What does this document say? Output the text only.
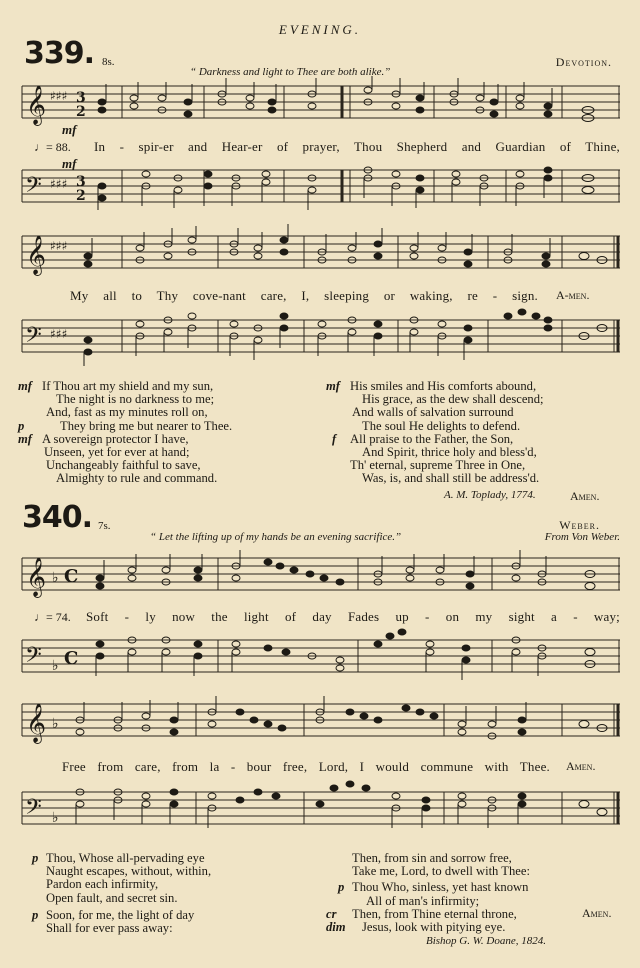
EVENING.
339. 8s.	Devotion.
“ Darkness and light to Thee are both alike.”
𝄞 ♯♯♯ 3
2
mf
♩= 88. In - spir-er and Hear-er of prayer, Thou Shepherd and Guardian of Thine,
mf
𝄢 ♯♯♯ 3
2
𝄞 ♯♯♯
My all to Thy cove-nant care, I, sleeping or waking, re - sign. A-men.
𝄢 ♯♯♯
mf If Thou art my shield and my sun,
The night is no darkness to me;
And, fast as my minutes roll on,
p	They bring me but nearer to Thee.
mf A sovereign protector I have,
Unseen, yet for ever at hand;
Unchangeably faithful to save,
Almighty to rule and command.
mf His smiles and His comforts abound,
His grace, as the dew shall descend;
And walls of salvation surround
The soul He delights to defend.
f All praise to the Father, the Son,
And Spirit, thrice holy and bless'd,
Th' eternal, supreme Three in One,
Was, is, and shall still be address'd.
A. M. Toplady, 1774.	Amen.
340. 7s.	Weber.
“ Let the lifting up of my hands be an evening sacrifice.”	From Von Weber.
𝄞 ♭ C
♩= 74. Soft - ly now the light of day Fades up - on my sight a - way;
𝄢 ♭ C
𝄞 ♭
Free from care, from la - bour free, Lord, I would commune with Thee. Amen.
𝄢 ♭
p Thou, Whose all-pervading eye
Naught escapes, without, within,
Pardon each infirmity,
Open fault, and secret sin.
p Soon, for me, the light of day
Shall for ever pass away:
Then, from sin and sorrow free,
Take me, Lord, to dwell with Thee:
p Thou Who, sinless, yet hast known
All of man's infirmity;
cr Then, from Thine eternal throne,
dim Jesus, look with pitying eye.
Amen.
Bishop G. W. Doane, 1824.
